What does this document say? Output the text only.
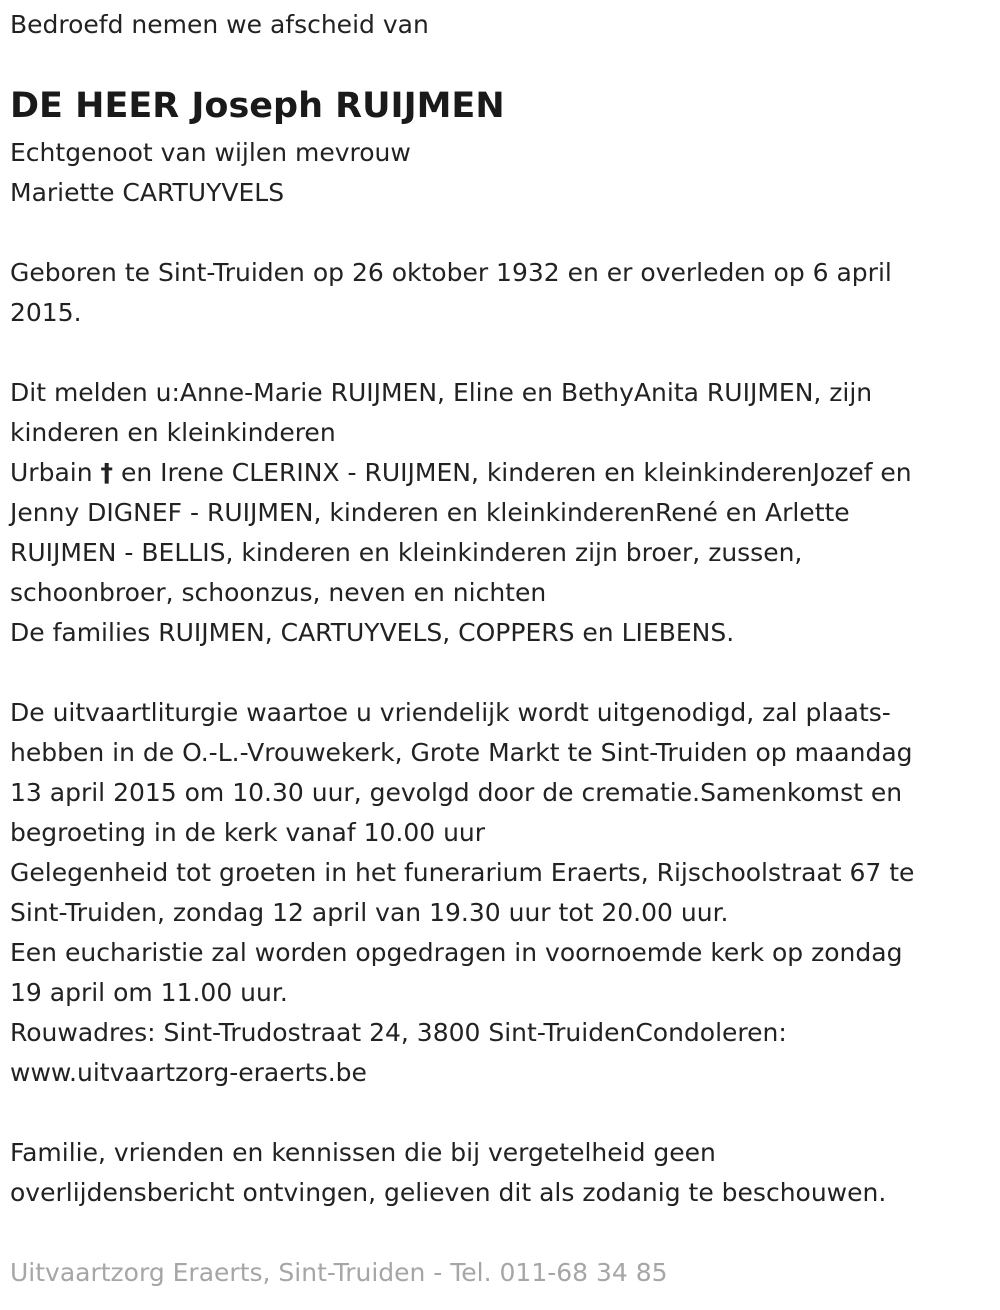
Bedroefd nemen we afscheid van

DE HEER Joseph RUIJMEN

Echtgenoot van wijlen mevrouw

Mariette CARTUYVELS

Geboren te Sint-Truiden op 26 oktober 1932 en er overleden op 6 april

2015.

Dit melden u:Anne-Marie RUIJMEN, Eline en BethyAnita RUIJMEN, zijn

kinderen en kleinkinderen

Urbain † en Irene CLERINX - RUIJMEN, kinderen en kleinkinderenJozef en

Jenny DIGNEF - RUIJMEN, kinderen en kleinkinderenRené en Arlette

RUIJMEN - BELLIS, kinderen en kleinkinderen zijn broer, zussen,

schoonbroer, schoonzus, neven en nichten

De families RUIJMEN, CARTUYVELS, COPPERS en LIEBENS.

De uitvaartliturgie waartoe u vriendelijk wordt uitgenodigd, zal plaats-

hebben in de O.-L.-Vrouwekerk, Grote Markt te Sint-Truiden op maandag

13 april 2015 om 10.30 uur, gevolgd door de crematie.Samenkomst en

begroeting in de kerk vanaf 10.00 uur

Gelegenheid tot groeten in het funerarium Eraerts, Rijschoolstraat 67 te

Sint-Truiden, zondag 12 april van 19.30 uur tot 20.00 uur.

Een eucharistie zal worden opgedragen in voornoemde kerk op zondag

19 april om 11.00 uur.

Rouwadres: Sint-Trudostraat 24, 3800 Sint-TruidenCondoleren:

www.uitvaartzorg-eraerts.be

Familie, vrienden en kennissen die bij vergetelheid geen

overlijdensbericht ontvingen, gelieven dit als zodanig te beschouwen.

Uitvaartzorg Eraerts, Sint-Truiden - Tel. 011-68 34 85
